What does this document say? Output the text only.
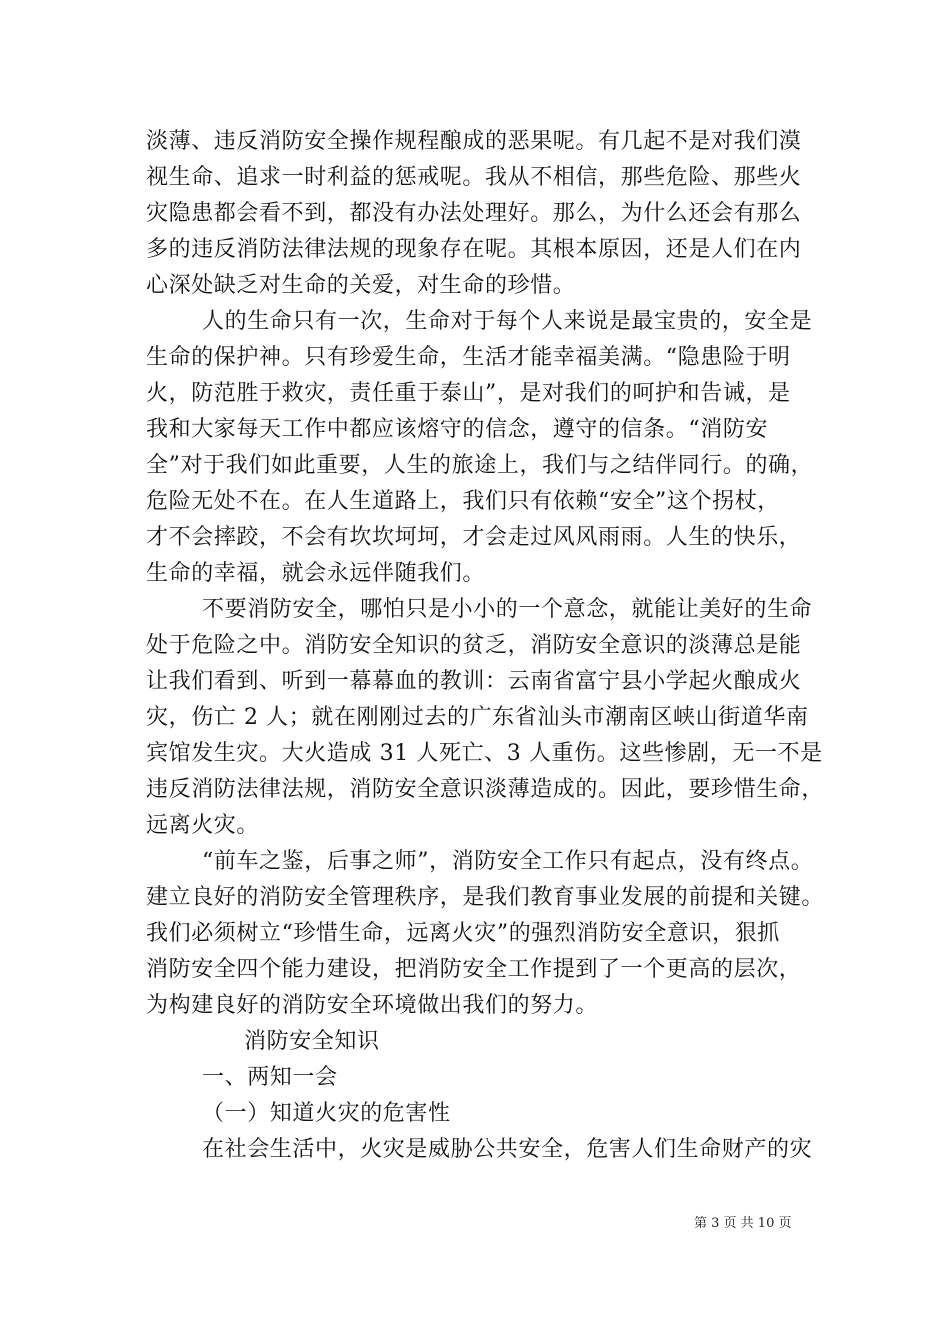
淡薄、违反消防安全操作规程酿成的恶果呢。有几起不是对我们漠
视生命、追求一时利益的惩戒呢。我从不相信，那些危险、那些火
灾隐患都会看不到，都没有办法处理好。那么，为什么还会有那么
多的违反消防法律法规的现象存在呢。其根本原因，还是人们在内
心深处缺乏对生命的关爱，对生命的珍惜。
人的生命只有一次，生命对于每个人来说是最宝贵的，安全是
生命的保护神。只有珍爱生命，生活才能幸福美满。“隐患险于明
火，防范胜于救灾，责任重于泰山”，是对我们的呵护和告诫，是
我和大家每天工作中都应该熔守的信念，遵守的信条。“消防安
全”对于我们如此重要，人生的旅途上，我们与之结伴同行。的确，
危险无处不在。在人生道路上，我们只有依赖“安全”这个拐杖，
才不会摔跤，不会有坎坎坷坷，才会走过风风雨雨。人生的快乐，
生命的幸福，就会永远伴随我们。
不要消防安全，哪怕只是小小的一个意念，就能让美好的生命
处于危险之中。消防安全知识的贫乏，消防安全意识的淡薄总是能
让我们看到、听到一幕幕血的教训：云南省富宁县小学起火酿成火
灾，伤亡 2 人；就在刚刚过去的广东省汕头市潮南区峡山街道华南
宾馆发生灾。大火造成 31 人死亡、3 人重伤。这些惨剧，无一不是
违反消防法律法规，消防安全意识淡薄造成的。因此，要珍惜生命，
远离火灾。
“前车之鉴，后事之师”，消防安全工作只有起点，没有终点。
建立良好的消防安全管理秩序，是我们教育事业发展的前提和关键。
我们必须树立“珍惜生命，远离火灾”的强烈消防安全意识，狠抓
消防安全四个能力建设，把消防安全工作提到了一个更高的层次，
为构建良好的消防安全环境做出我们的努力。
消防安全知识
一、两知一会
（一）知道火灾的危害性
在社会生活中，火灾是威胁公共安全，危害人们生命财产的灾
第 3 页 共 10 页
